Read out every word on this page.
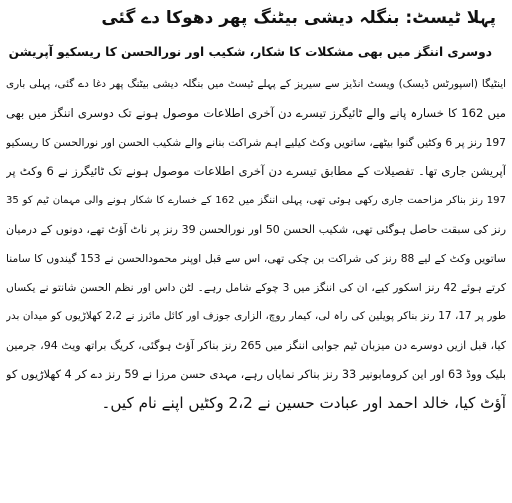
پہلا ٹیسٹ: بنگلہ دیشی بیٹنگ پھر دھوکا دے گئی
دوسری اننگز میں بھی مشکلات کا شکار، شکیب اور نورالحسن کا ریسکیو آپریشن
اینٹیگا (اسپورٹس ڈیسک) ویسٹ انڈیز سے سیریز کے پہلے ٹیسٹ میں بنگلہ دیشی بیٹنگ پھر دغا دے گئی، پہلی باری
میں 162 کا خسارہ پانے والے ٹائیگرز تیسرے دن آخری اطلاعات موصول ہونے تک دوسری اننگز میں بھی
197 رنز پر 6 وکٹیں گنوا بیٹھے، ساتویں وکٹ کیلیے اہم شراکت بنانے والے شکیب الحسن اور نورالحسن کا ریسکیو
آپریشن جاری تھا۔ تفصیلات کے مطابق تیسرے دن آخری اطلاعات موصول ہونے تک ٹائیگرز نے 6 وکٹ پر
197 رنز بناکر مزاحمت جاری رکھی ہوئی تھی، پہلی اننگز میں 162 کے خسارے کا شکار ہونے والی مہمان ٹیم کو 35
رنز کی سبقت حاصل ہوگئی تھی، شکیب الحسن 50 اور نورالحسن 39 رنز پر ناٹ آؤٹ تھے، دونوں کے درمیان
ساتویں وکٹ کے لیے 88 رنز کی شراکت بن چکی تھی، اس سے قبل اوپنر محمودالحسن نے 153 گیندوں کا سامنا
کرتے ہوئے 42 رنز اسکور کیے، ان کی اننگز میں 3 چوکے شامل رہے۔ لٹن داس اور نظم الحسن شانتو نے یکساں
طور پر 17، 17 رنز بناکر پویلین کی راہ لی، کیمار روچ، الزاری جوزف اور کائل مائرز نے 2،2 کھلاڑیوں کو میدان بدر
کیا، قبل ازیں دوسرے دن میزبان ٹیم جوابی اننگز میں 265 رنز بناکر آؤٹ ہوگئی، کریگ براتھ ویٹ 94، جرمین
بلیک ووڈ 63 اور این کرومابونیر 33 رنز بناکر نمایاں رہے، مہدی حسن مرزا نے 59 رنز دے کر 4 کھلاڑیوں کو
آؤٹ کیا، خالد احمد اور عبادت حسین نے 2،2 وکٹیں اپنے نام کیں۔
